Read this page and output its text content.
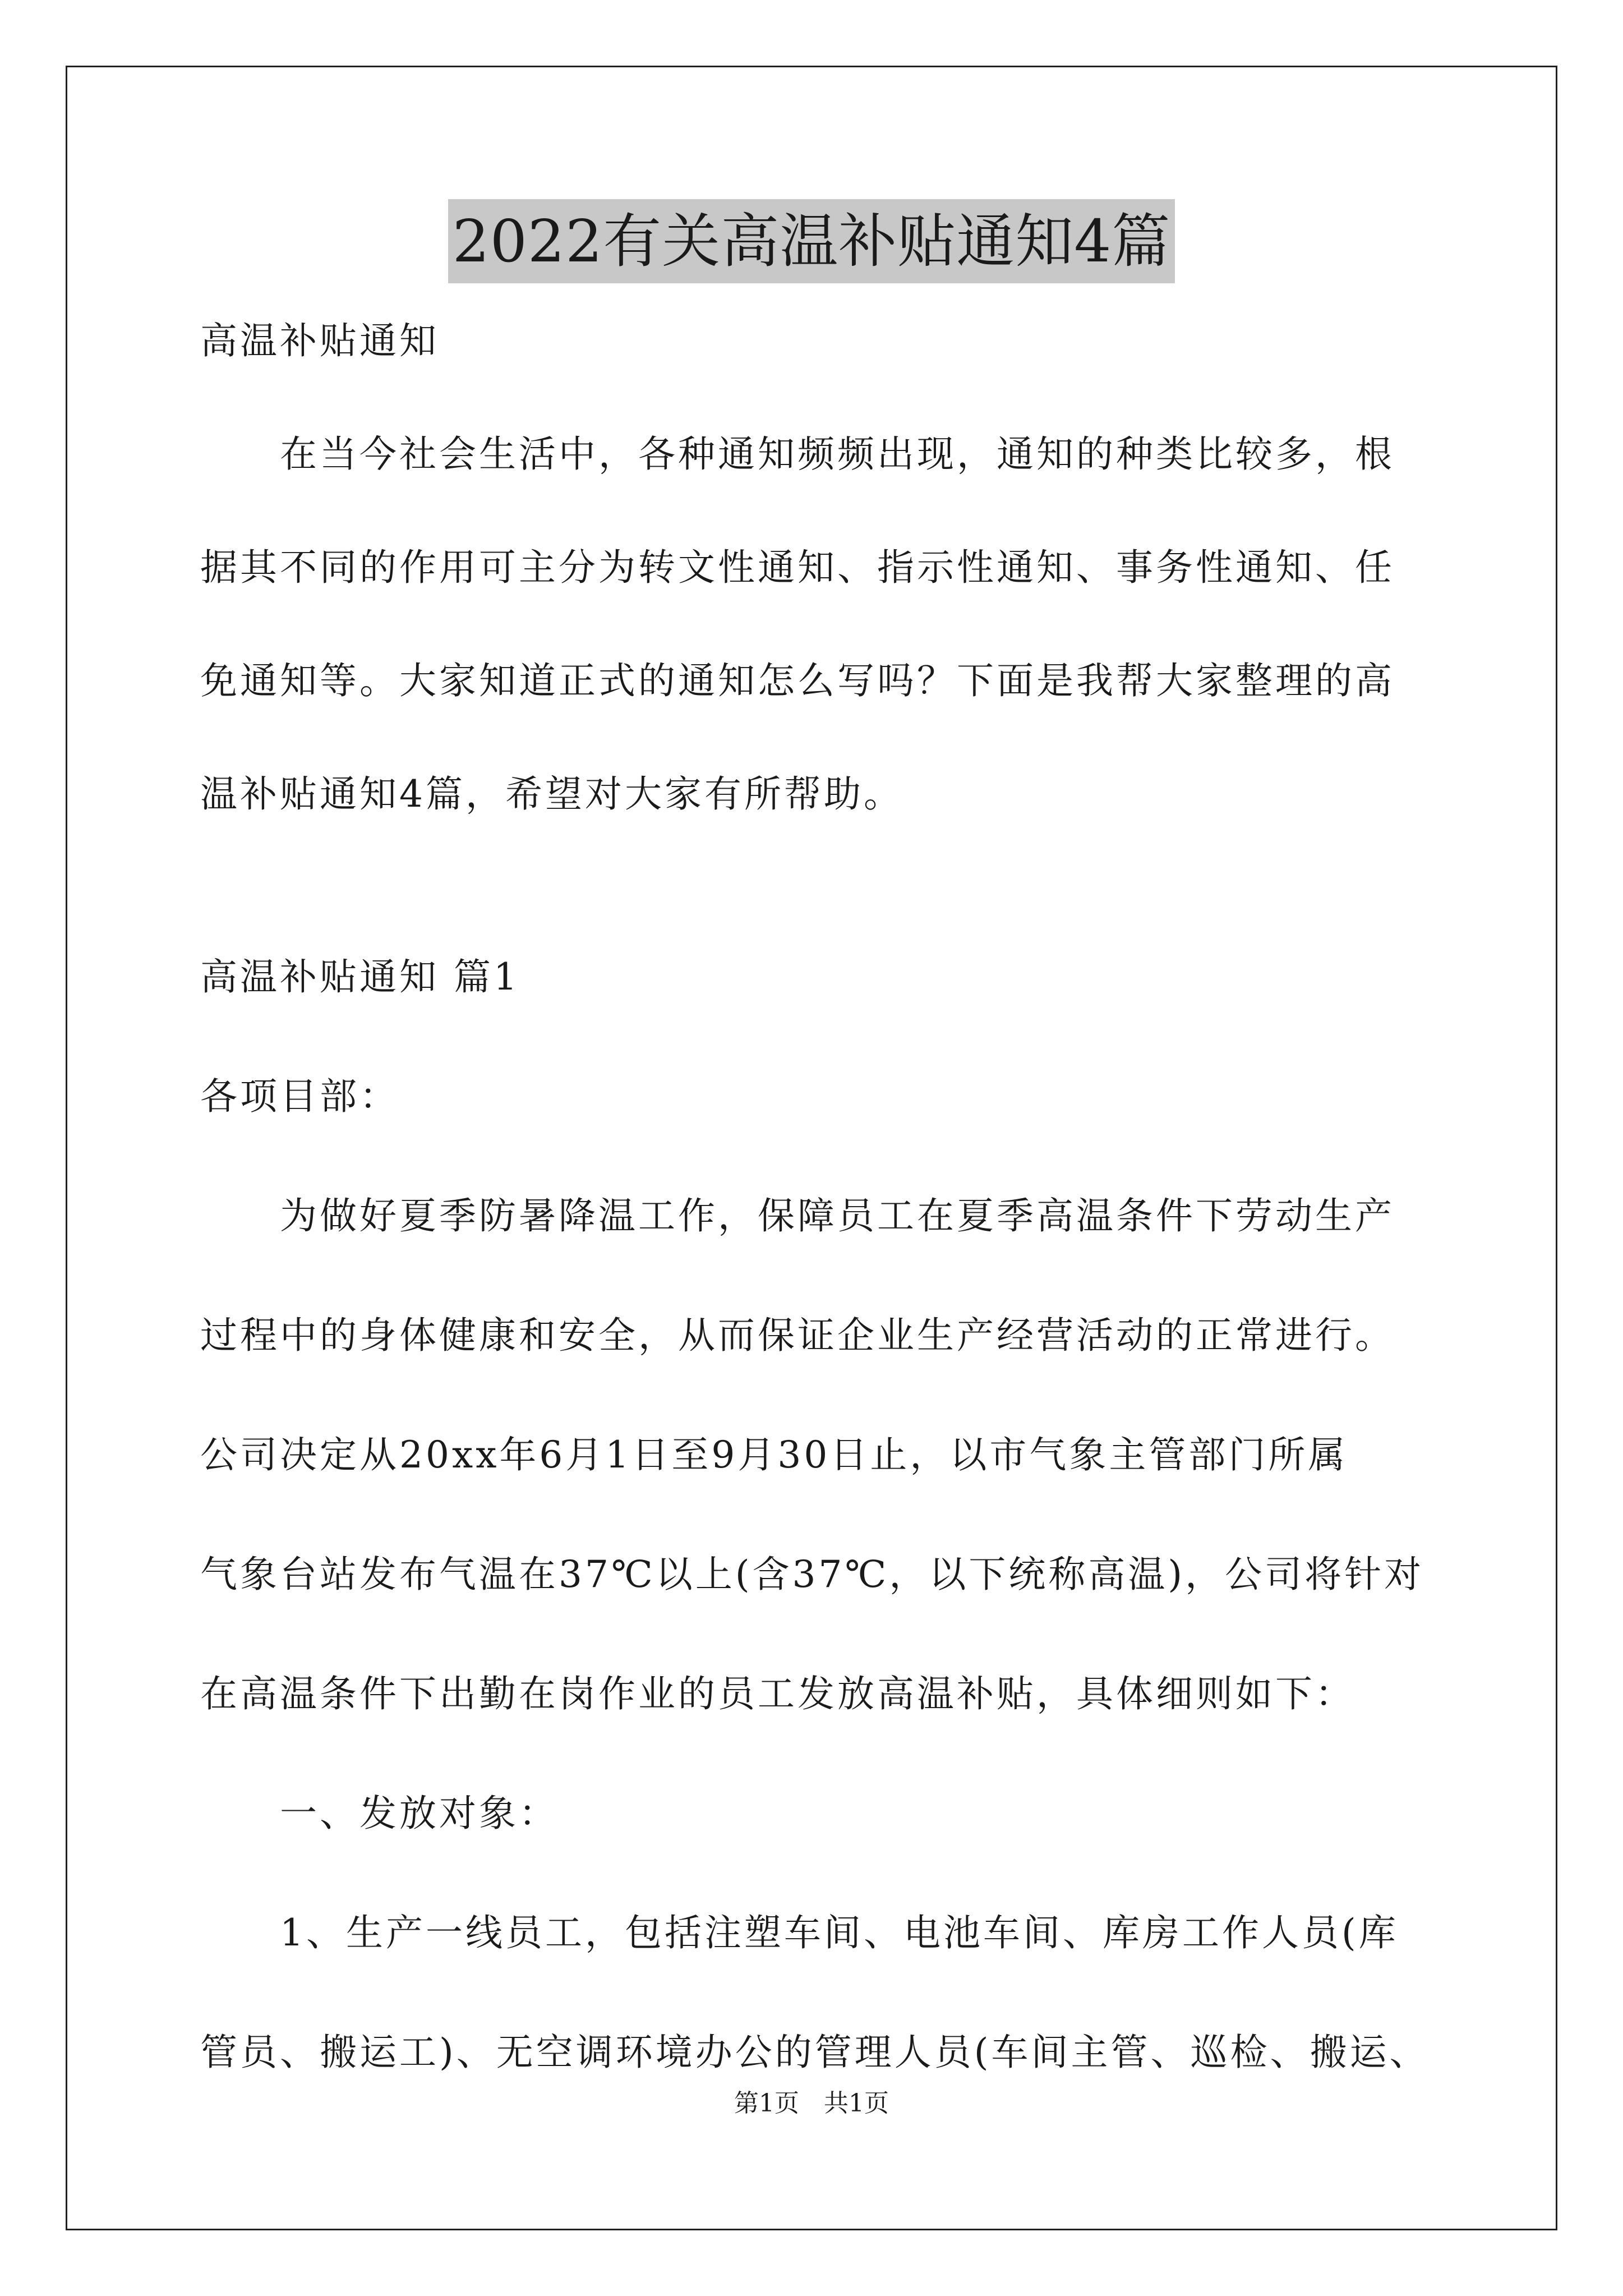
2022有关高温补贴通知4篇
高温补贴通知
　　在当今社会生活中，各种通知频频出现，通知的种类比较多，根
据其不同的作用可主分为转文性通知、指示性通知、事务性通知、任
免通知等。大家知道正式的通知怎么写吗？下面是我帮大家整理的高
温补贴通知4篇，希望对大家有所帮助。
高温补贴通知 篇1
各项目部：
　　为做好夏季防暑降温工作，保障员工在夏季高温条件下劳动生产
过程中的身体健康和安全，从而保证企业生产经营活动的正常进行。
公司决定从20xx年6月1日至9月30日止，以市气象主管部门所属
气象台站发布气温在37℃以上(含37℃，以下统称高温)，公司将针对
在高温条件下出勤在岗作业的员工发放高温补贴，具体细则如下：
　　一、发放对象：
　　1、生产一线员工，包括注塑车间、电池车间、库房工作人员(库
管员、搬运工)、无空调环境办公的管理人员(车间主管、巡检、搬运、
第1页　共1页
